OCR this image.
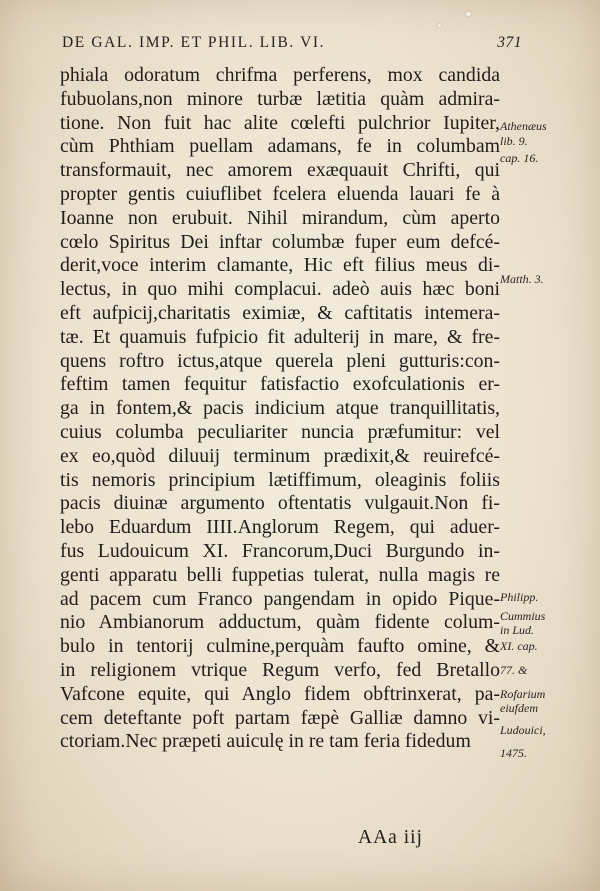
DE GAL. IMP. ET PHIL. LIB. VI.	371
phiala odoratum chrifma perferens, mox candida
fubuolans,non minore turbæ lætitia quàm admira-
tione. Non fuit hac alite cœlefti pulchrior Iupiter,
cùm Phthiam puellam adamans, fe in columbam
transformauit, nec amorem exæquauit Chrifti, qui
propter gentis cuiuflibet fcelera eluenda lauari fe à
Ioanne non erubuit. Nihil mirandum, cùm aperto
cœlo Spiritus Dei inftar columbæ fuper eum defcé-
derit,voce interim clamante, Hic eft filius meus di-
lectus, in quo mihi complacui. adeò auis hæc boni
eft aufpicij,charitatis eximiæ, & caftitatis intemera-
tæ. Et quamuis fufpicio fit adulterij in mare, & fre-
quens roftro ictus,atque querela pleni gutturis:con-
feftim tamen fequitur fatisfactio exofculationis er-
ga in fontem,& pacis indicium atque tranquillitatis,
cuius columba peculiariter nuncia præfumitur: vel
ex eo,quòd diluuij terminum prædixit,& reuirefcé-
tis nemoris principium lætiffimum, oleaginis foliis
pacis diuinæ argumento oftentatis vulgauit.Non fi-
lebo Eduardum IIII.Anglorum Regem, qui aduer-
fus Ludouicum XI. Francorum,Duci Burgundo in-
genti apparatu belli fuppetias tulerat, nulla magis re
ad pacem cum Franco pangendam in opido Pique-
nio Ambianorum adductum, quàm fidente colum-
bulo in tentorij culmine,perquàm faufto omine, &
in religionem vtrique Regum verfo, fed Bretallo
Vafcone equite, qui Anglo fidem obftrinxerat, pa-
cem deteftante poft partam fæpè Galliæ damno vi-
ctoriam.Nec præpeti auiculę in re tam feria fidedum
Athenæus
lib. 9.
cap. 16.
Matth. 3.
Philipp.
Cummius
in Lud.
XI. cap.
77. &
Rofarium
eiufdem
Ludouici,
1475.
AAa iij
